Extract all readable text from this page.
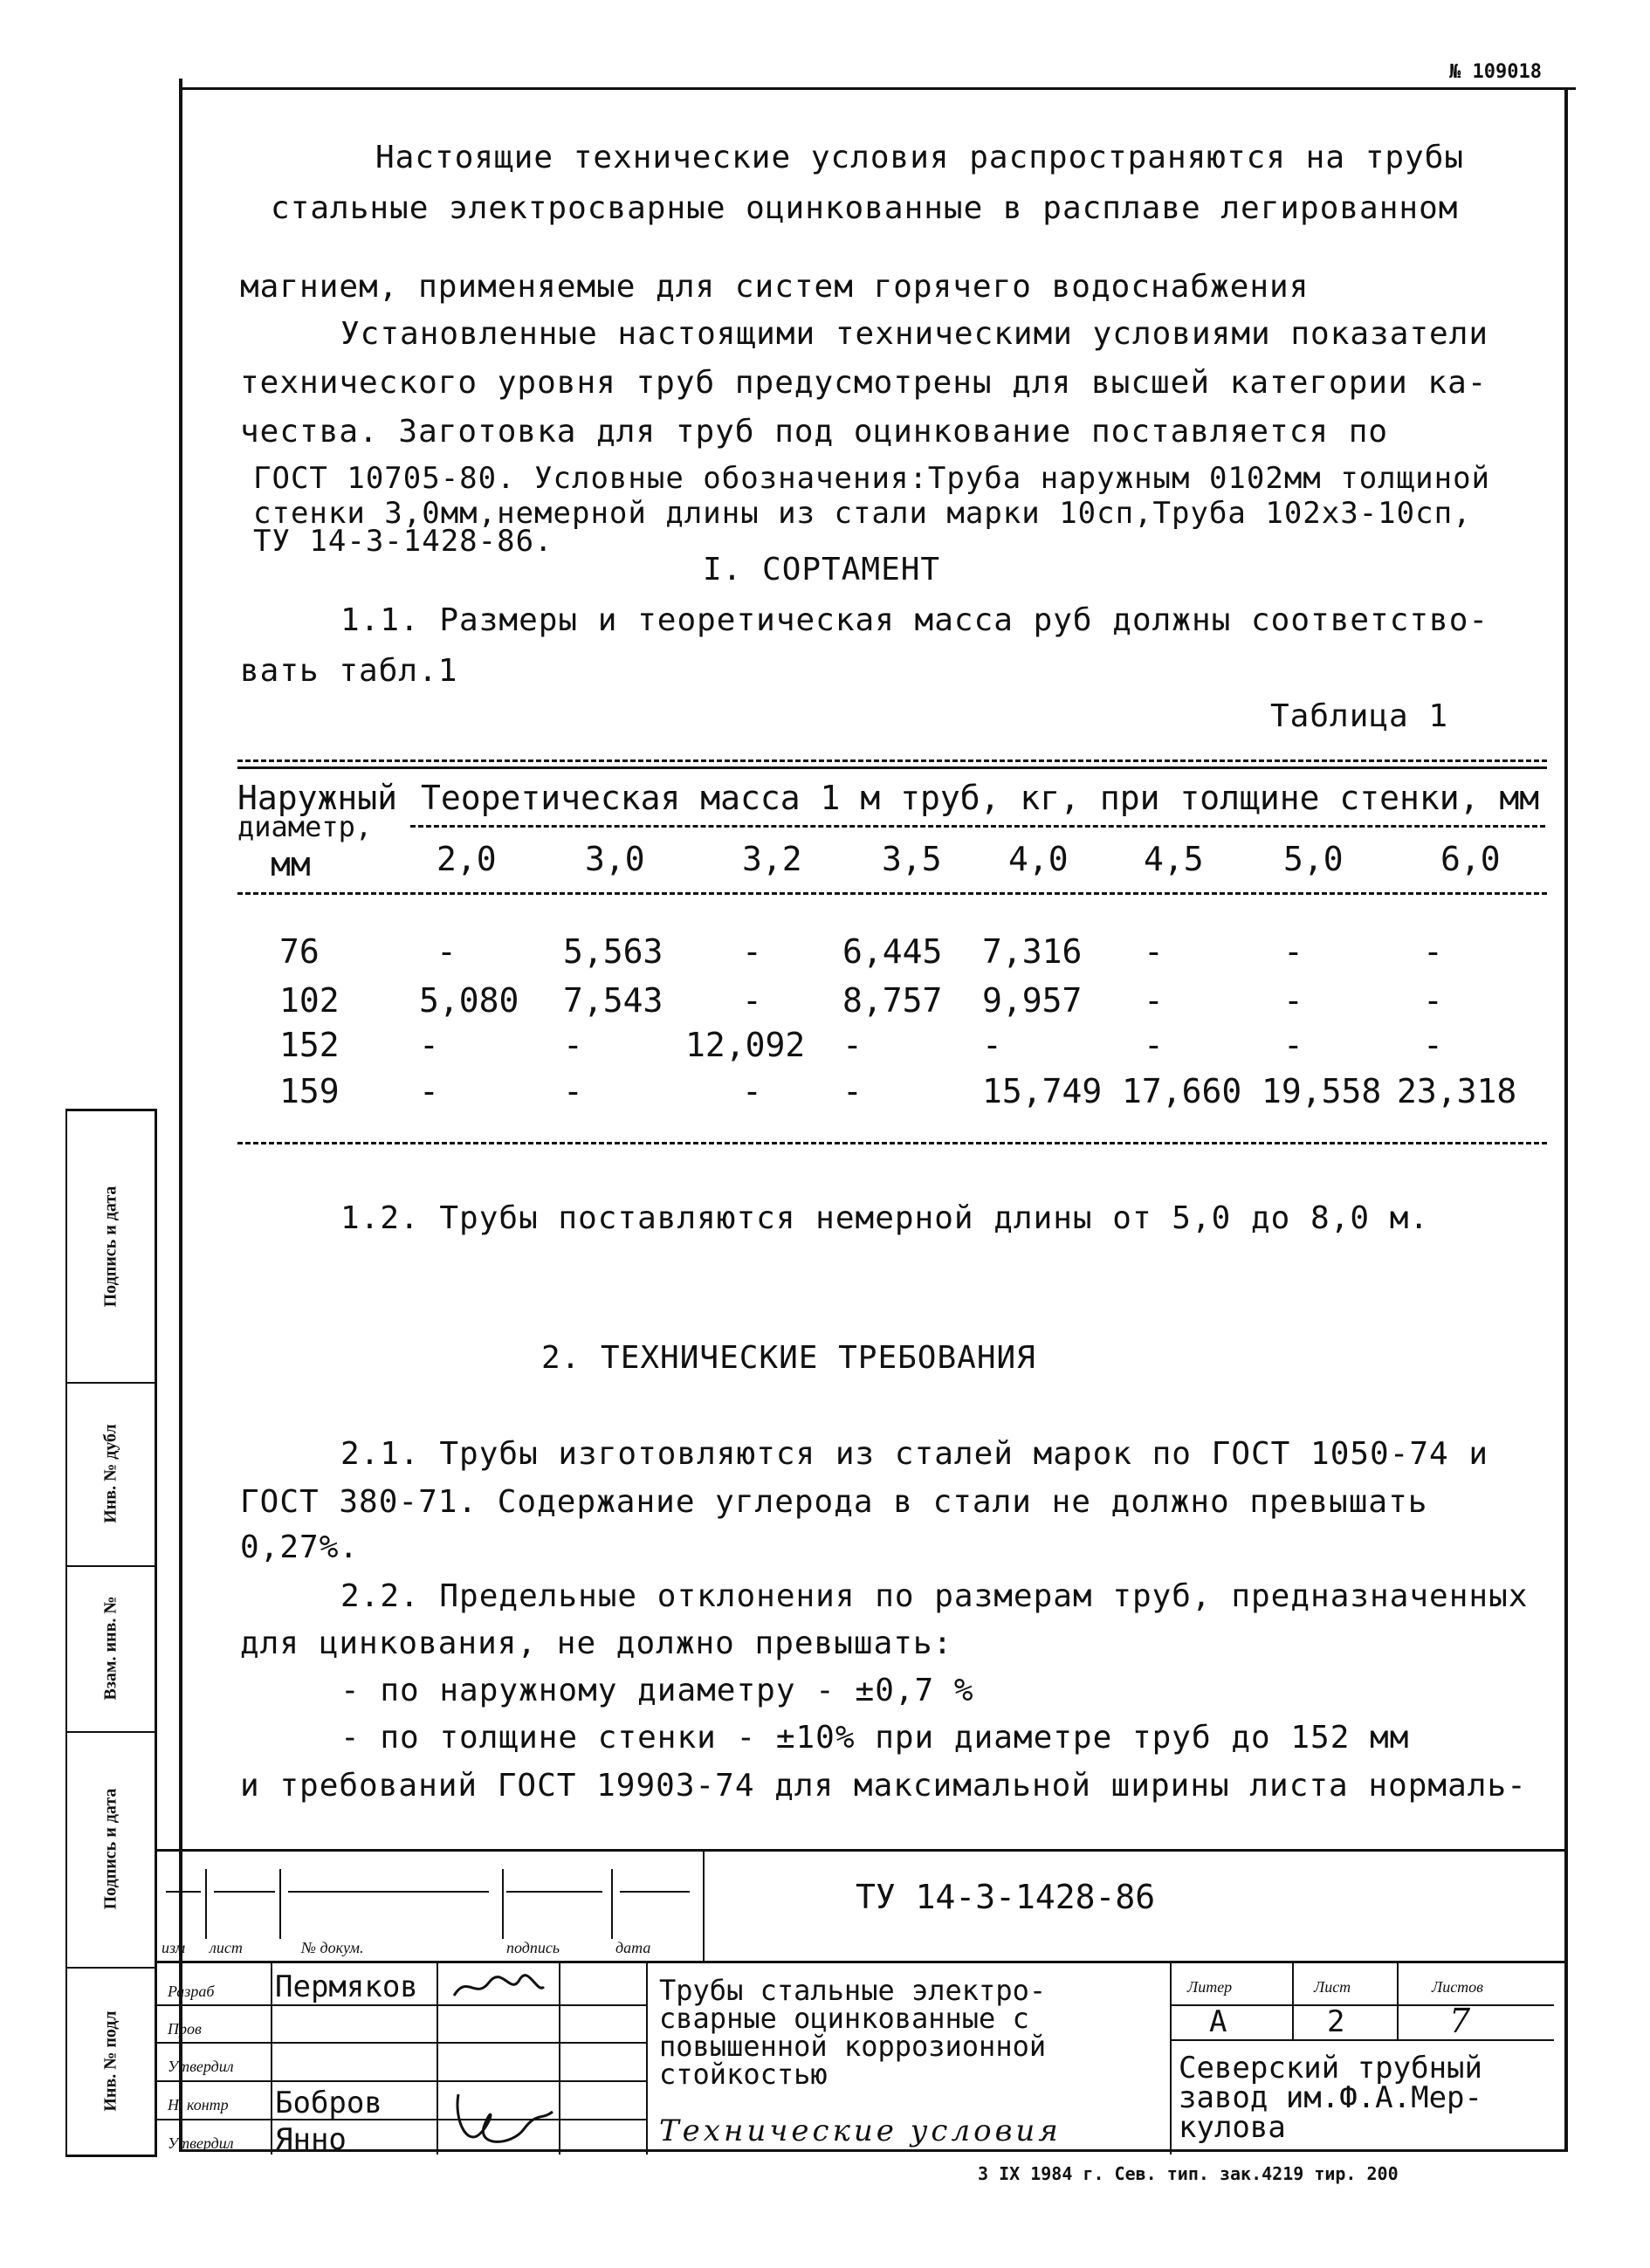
№ 109018
Настоящие технические условия распространяются на трубы
стальные электросварные оцинкованные в расплаве легированном
магнием, применяемые для систем горячего водоснабжения
Установленные настоящими техническими условиями показатели
технического уровня труб предусмотрены для высшей категории ка-
чества. Заготовка для труб под оцинкование поставляется по
ГОСТ 10705-80. Условные обозначения:Труба наружным 0102мм толщиной
стенки 3,0мм,немерной длины из стали марки 10сп,Труба 102х3-10сп,
ТУ 14-3-1428-86.
I. СОРТАМЕНТ
1.1. Размеры и теоретическая масса руб должны соответство-
вать табл.1
Таблица 1
Наружный Теоретическая масса 1 м труб, кг, при толщине стенки, мм
диаметр,
мм	2,0	3,0	3,2 3,5 4,0 4,5 5,0	6,0
76	-	5,563 - 6,445 7,316 -	-	-
102 5,080 7,543 - 8,757 9,957 -	-	-
152 -	-	12,092 -	-	-	-	-
159 -	-	- -	15,749 17,660 19,558 23,318
1.2. Трубы поставляются немерной длины от 5,0 до 8,0 м.
2. ТЕХНИЧЕСКИЕ ТРЕБОВАНИЯ
2.1. Трубы изготовляются из сталей марок по ГОСТ 1050-74 и
ГОСТ 380-71. Содержание углерода в стали не должно превышать
0,27%.
2.2. Предельные отклонения по размерам труб, предназначенных
для цинкования, не должно превышать:
- по наружному диаметру - ±0,7 %
- по толщине стенки - ±10% при диаметре труб до 152 мм
и требований ГОСТ 19903-74 для максимальной ширины листа нормаль-
Подпись и дата
Инв. № дубл
Взам. инв. №
Подпись и дата
Инв. № подл
изм лист	№ докум.	подпись	дата
ТУ 14-3-1428-86
Разраб
Пров
Утвердил
Н. контр
Утвердил
Пермяков
Бобров
Янно
Трубы стальные электро-
сварные оцинкованные с
повышенной коррозионной
стойкостью
Технические условия
Литер	Лист	Листов
А	2	7
Северский трубный
завод им.Ф.А.Мер-
кулова
3 IX 1984 г. Сев. тип. зак.4219 тир. 200
